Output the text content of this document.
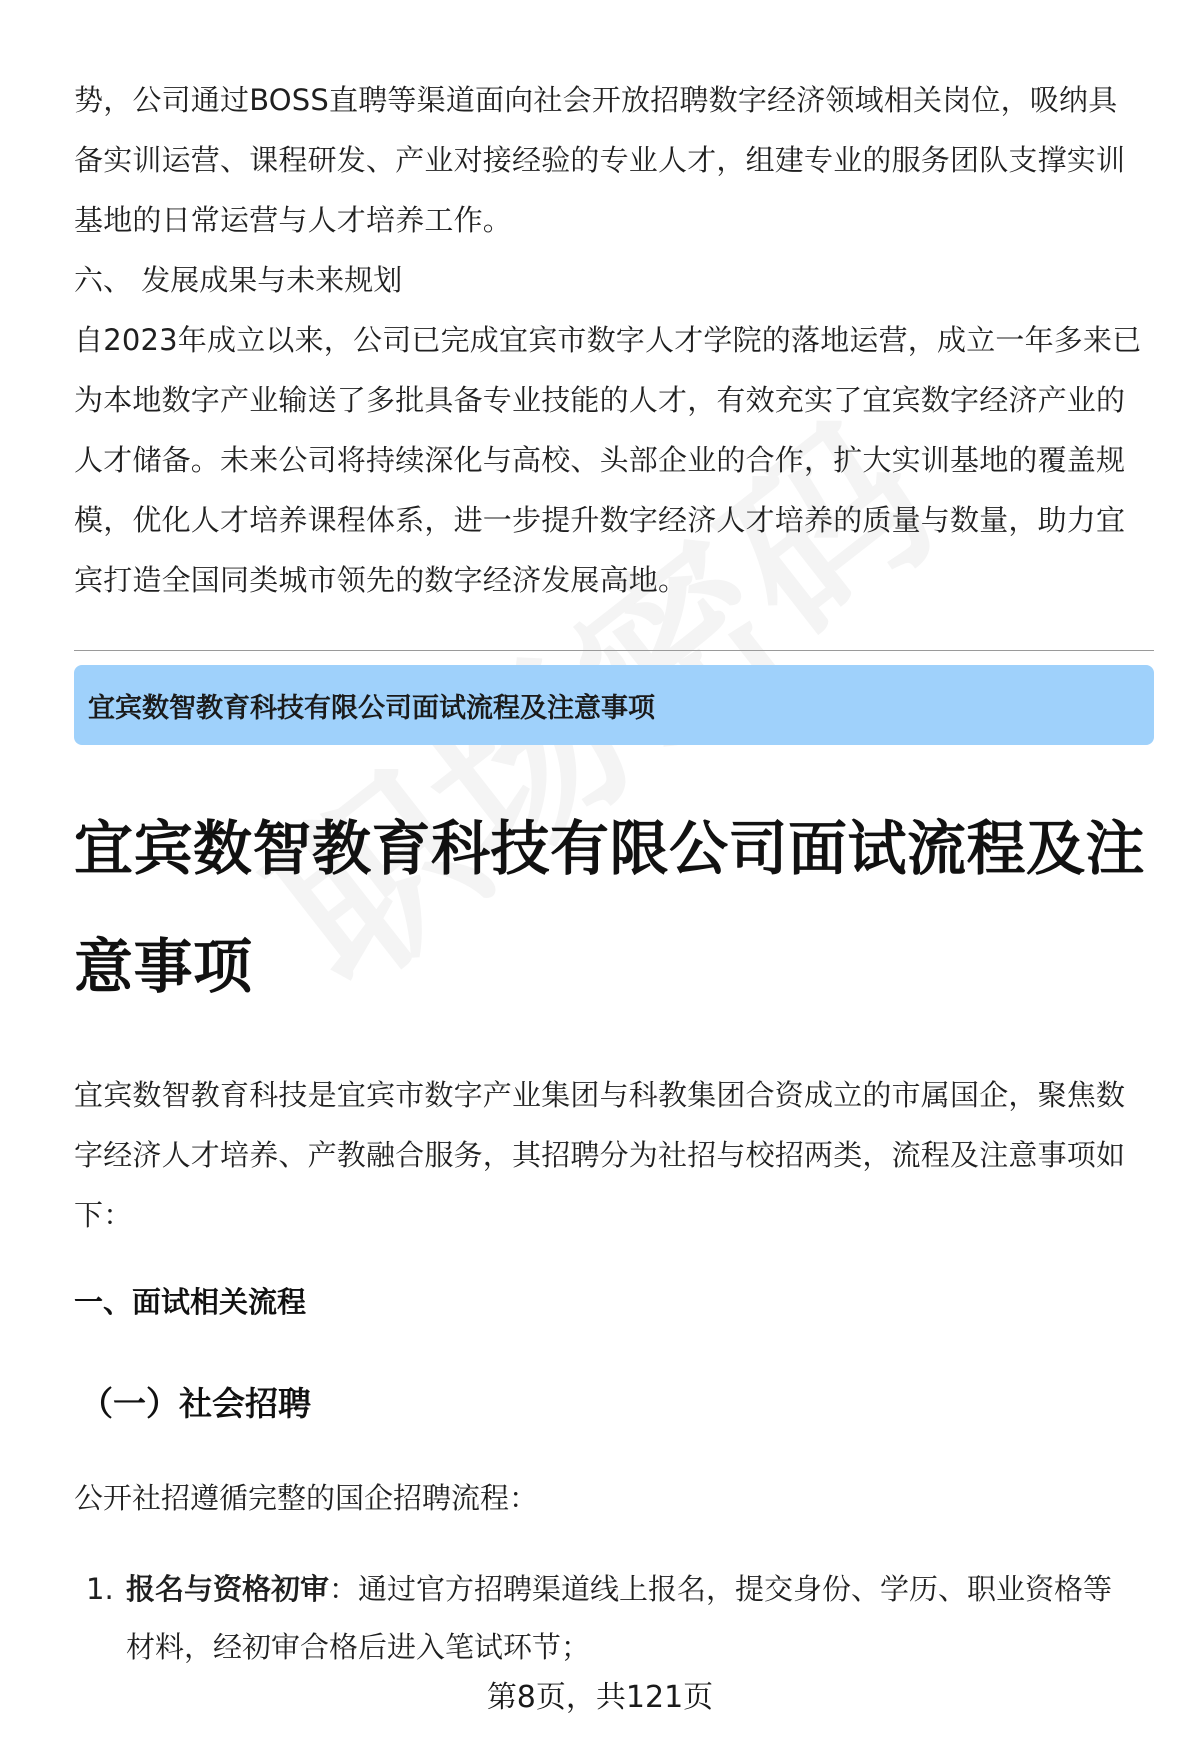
势，公司通过BOSS直聘等渠道面向社会开放招聘数字经济领域相关岗位，吸纳具

备实训运营、课程研发、产业对接经验的专业人才，组建专业的服务团队支撑实训

基地的日常运营与人才培养工作。

六、 发展成果与未来规划

自2023年成立以来，公司已完成宜宾市数字人才学院的落地运营，成立一年多来已

为本地数字产业输送了多批具备专业技能的人才，有效充实了宜宾数字经济产业的

人才储备。未来公司将持续深化与高校、头部企业的合作，扩大实训基地的覆盖规

模，优化人才培养课程体系，进一步提升数字经济人才培养的质量与数量，助力宜

宾打造全国同类城市领先的数字经济发展高地。

宜宾数智教育科技有限公司面试流程及注意事项
宜宾数智教育科技有限公司面试流程及注
意事项

宜宾数智教育科技是宜宾市数字产业集团与科教集团合资成立的市属国企，聚焦数

字经济人才培养、产教融合服务，其招聘分为社招与校招两类，流程及注意事项如

下：

一、面试相关流程
（一）社会招聘

公开社招遵循完整的国企招聘流程：

1. 报名与资格初审：通过官方招聘渠道线上报名，提交身份、学历、职业资格等
材料，经初审合格后进入笔试环节；
第8页，共121页
